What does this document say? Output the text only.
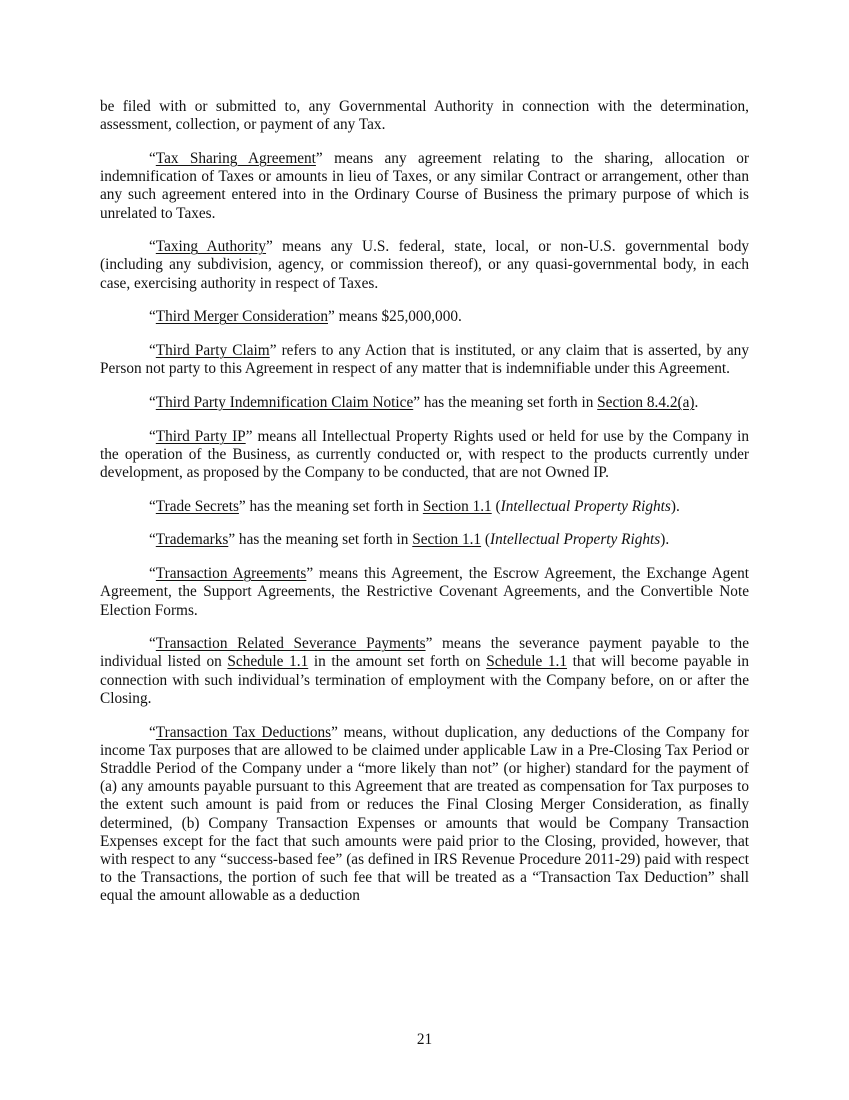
be filed with or submitted to, any Governmental Authority in connection with the determination, assessment, collection, or payment of any Tax.

“Tax Sharing Agreement” means any agreement relating to the sharing, allocation or indemnification of Taxes or amounts in lieu of Taxes, or any similar Contract or arrangement, other than any such agreement entered into in the Ordinary Course of Business the primary purpose of which is unrelated to Taxes.

“Taxing Authority” means any U.S. federal, state, local, or non-U.S. governmental body (including any subdivision, agency, or commission thereof), or any quasi-governmental body, in each case, exercising authority in respect of Taxes.

“Third Merger Consideration” means $25,000,000.

“Third Party Claim” refers to any Action that is instituted, or any claim that is asserted, by any Person not party to this Agreement in respect of any matter that is indemnifiable under this Agreement.

“Third Party Indemnification Claim Notice” has the meaning set forth in Section 8.4.2(a).

“Third Party IP” means all Intellectual Property Rights used or held for use by the Company in the operation of the Business, as currently conducted or, with respect to the products currently under development, as proposed by the Company to be conducted, that are not Owned IP.

“Trade Secrets” has the meaning set forth in Section 1.1 (Intellectual Property Rights).

“Trademarks” has the meaning set forth in Section 1.1 (Intellectual Property Rights).

“Transaction Agreements” means this Agreement, the Escrow Agreement, the Exchange Agent Agreement, the Support Agreements, the Restrictive Covenant Agreements, and the Convertible Note Election Forms.

“Transaction Related Severance Payments” means the severance payment payable to the individual listed on Schedule 1.1 in the amount set forth on Schedule 1.1 that will become payable in connection with such individual’s termination of employment with the Company before, on or after the Closing.

“Transaction Tax Deductions” means, without duplication, any deductions of the Company for income Tax purposes that are allowed to be claimed under applicable Law in a Pre-Closing Tax Period or Straddle Period of the Company under a “more likely than not” (or higher) standard for the payment of (a) any amounts payable pursuant to this Agreement that are treated as compensation for Tax purposes to the extent such amount is paid from or reduces the Final Closing Merger Consideration, as finally determined, (b) Company Transaction Expenses or amounts that would be Company Transaction Expenses except for the fact that such amounts were paid prior to the Closing, provided, however, that with respect to any “success-based fee” (as defined in IRS Revenue Procedure 2011-29) paid with respect to the Transactions, the portion of such fee that will be treated as a “Transaction Tax Deduction” shall equal the amount allowable as a deduction

21
